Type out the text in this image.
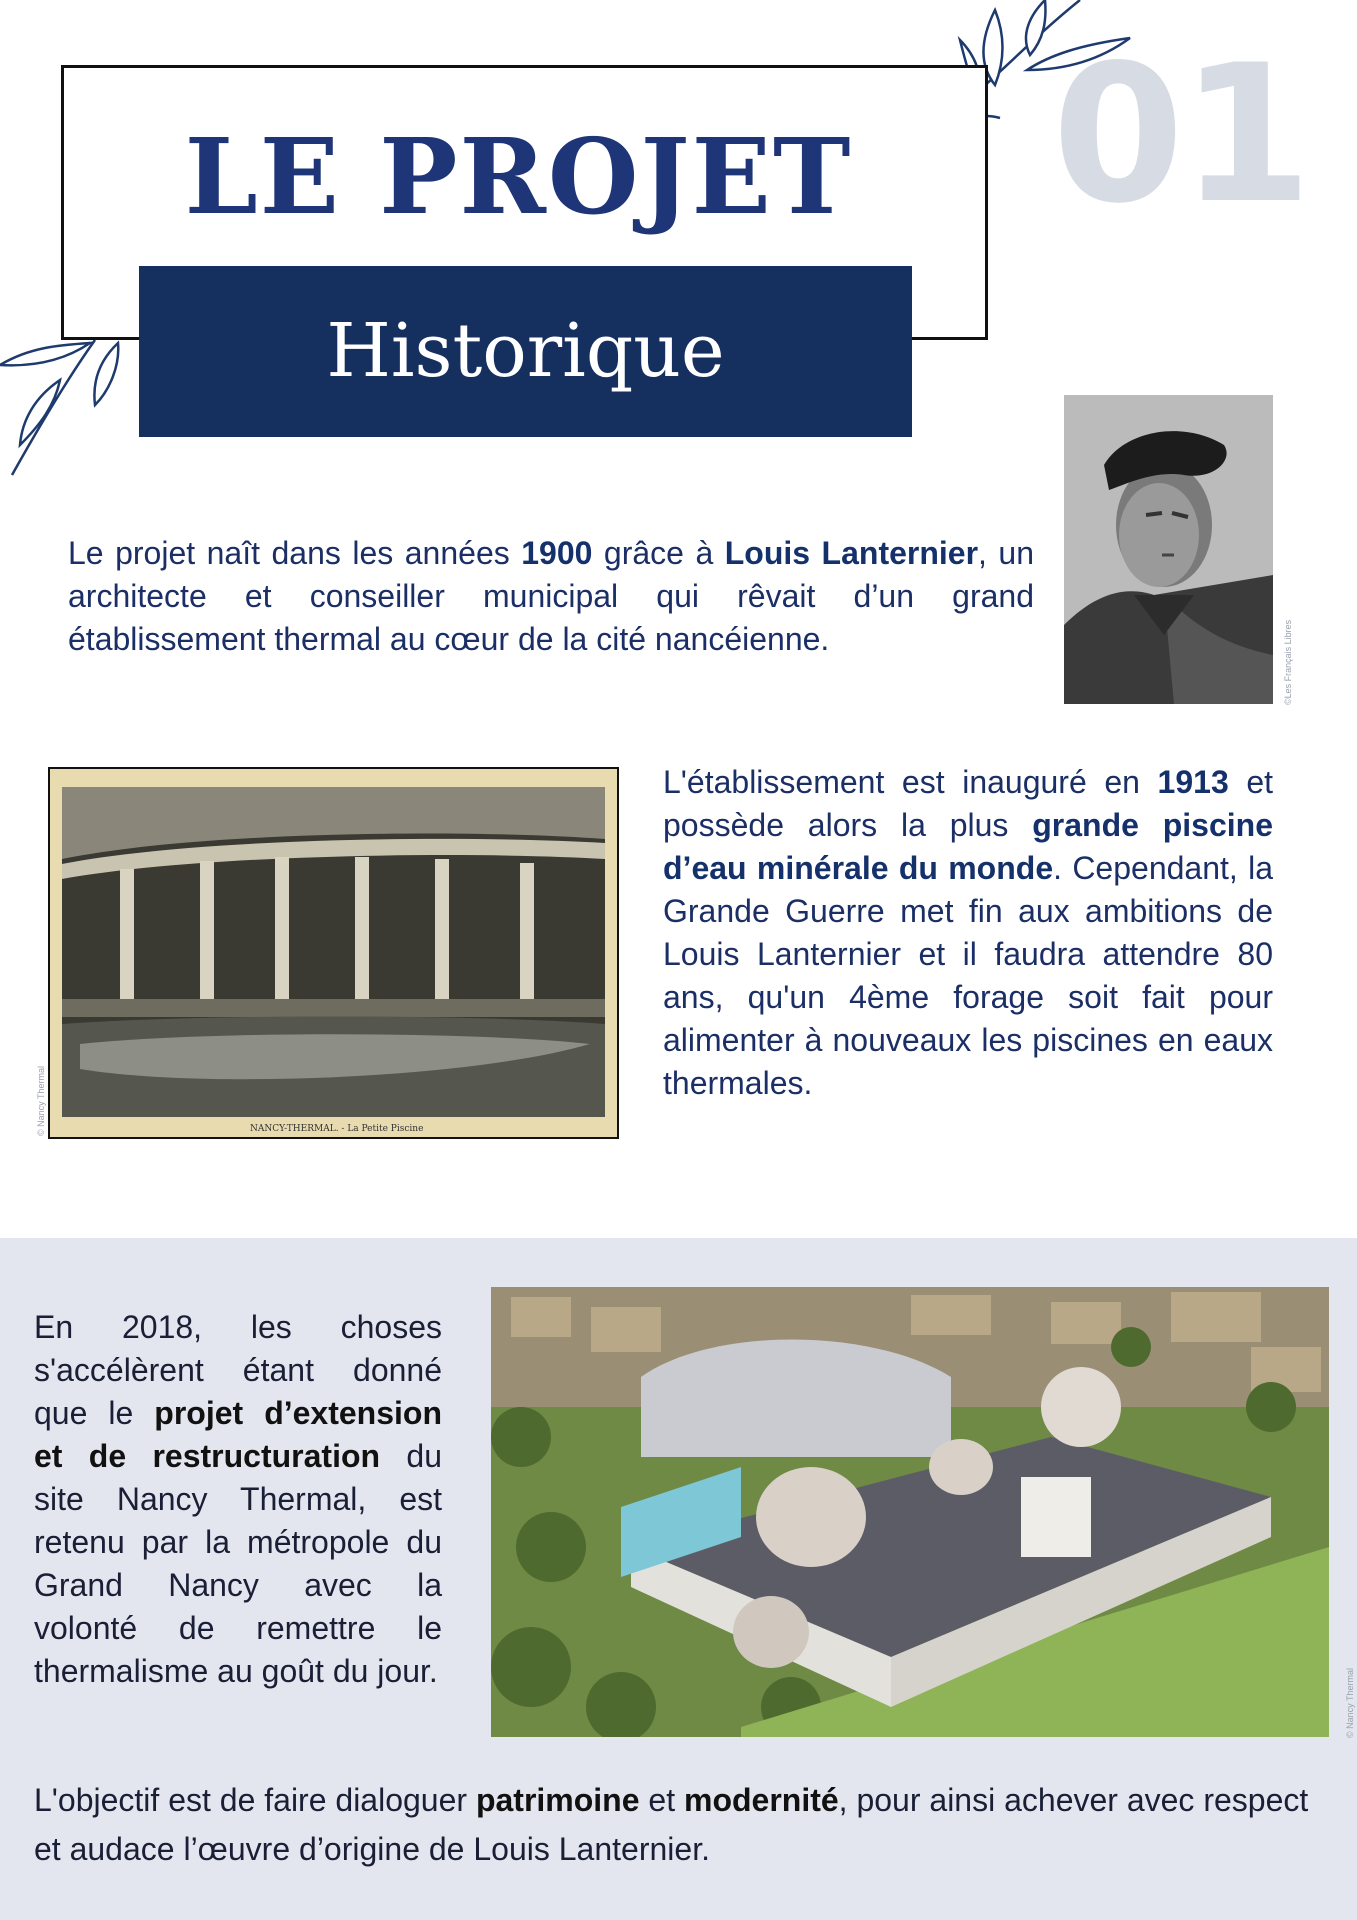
LE PROJET
Historique
01
Le projet naît dans les années 1900 grâce à Louis Lanternier, un architecte et conseiller municipal qui rêvait d’un grand établissement thermal au cœur de la cité nancéienne.	©Les Français Libres
NANCY-THERMAL. - La Petite Piscine
© Nancy Thermal
L'établissement est inauguré en 1913 et possède alors la plus grande piscine d’eau minérale du monde. Cependant, la Grande Guerre met fin aux ambitions de Louis Lanternier et il faudra attendre 80 ans, qu'un 4ème forage soit fait pour alimenter à nouveaux les piscines en eaux thermales.
En 2018, les choses s'accélèrent étant donné que le projet d’extension et de restructuration du site Nancy Thermal, est retenu par la métropole du Grand Nancy avec la volonté de remettre le thermalisme au goût du jour.	© Nancy Thermal
L'objectif est de faire dialoguer patrimoine et modernité, pour ainsi achever avec respect et audace l’œuvre d’origine de Louis Lanternier.
